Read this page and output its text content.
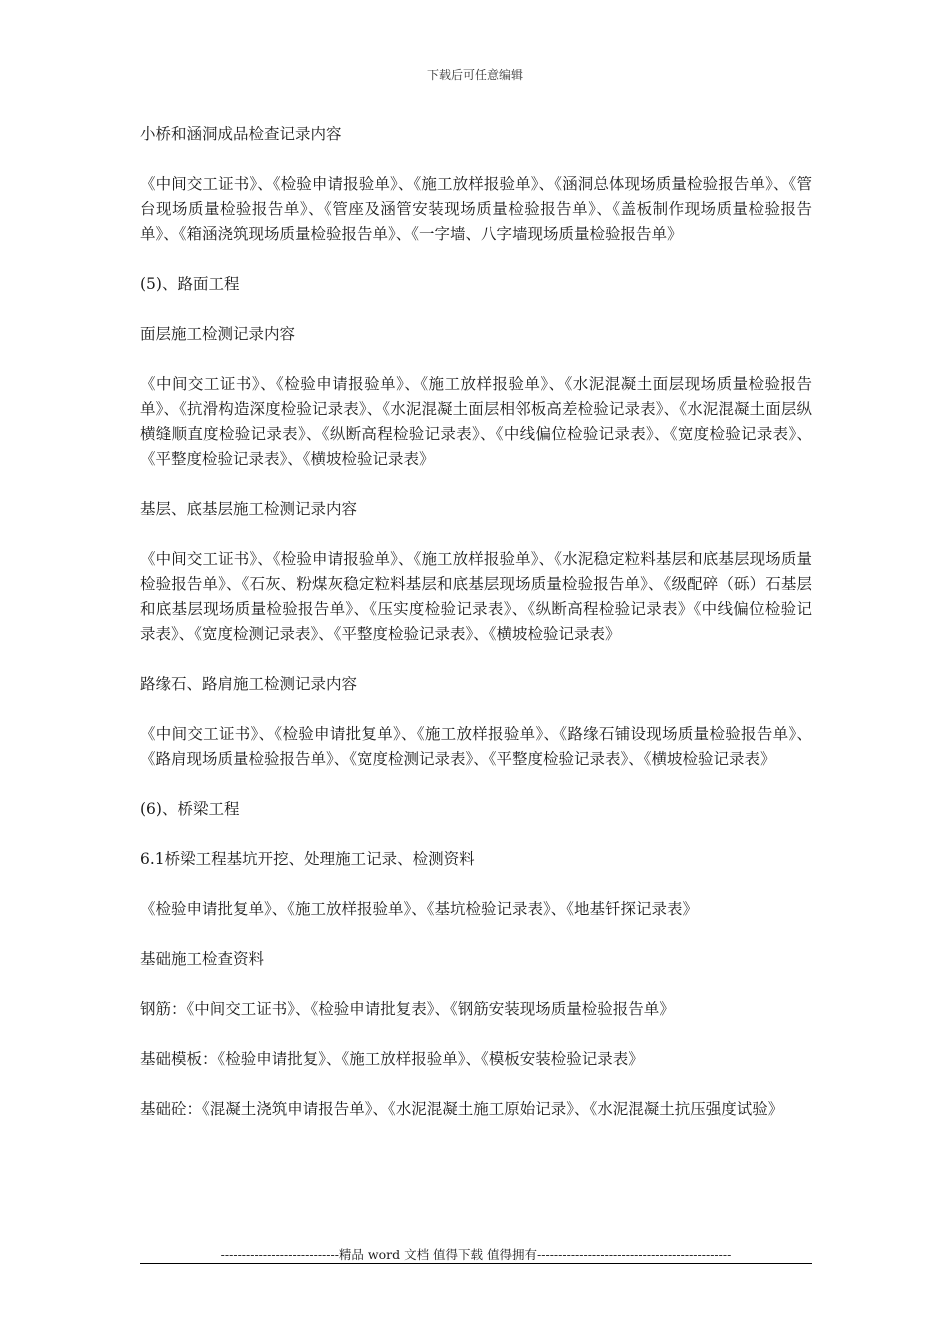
下载后可任意编辑

小桥和涵洞成品检查记录内容

《中间交工证书》、《检验申请报验单》、《施工放样报验单》、《涵洞总体现场质量检验报告单》、《管台现场质量检验报告单》、《管座及涵管安装现场质量检验报告单》、《盖板制作现场质量检验报告单》、《箱涵浇筑现场质量检验报告单》、《一字墙、八字墙现场质量检验报告单》

(5)、路面工程

面层施工检测记录内容

《中间交工证书》、《检验申请报验单》、《施工放样报验单》、《水泥混凝土面层现场质量检验报告单》、《抗滑构造深度检验记录表》、《水泥混凝土面层相邻板高差检验记录表》、《水泥混凝土面层纵横缝顺直度检验记录表》、《纵断高程检验记录表》、《中线偏位检验记录表》、《宽度检验记录表》、《平整度检验记录表》、《横坡检验记录表》

基层、底基层施工检测记录内容

《中间交工证书》、《检验申请报验单》、《施工放样报验单》、《水泥稳定粒料基层和底基层现场质量检验报告单》、《石灰、粉煤灰稳定粒料基层和底基层现场质量检验报告单》、《级配碎（砾）石基层和底基层现场质量检验报告单》、《压实度检验记录表》、《纵断高程检验记录表》《中线偏位检验记录表》、《宽度检测记录表》、《平整度检验记录表》、《横坡检验记录表》

路缘石、路肩施工检测记录内容

《中间交工证书》、《检验申请批复单》、《施工放样报验单》、《路缘石铺设现场质量检验报告单》、《路肩现场质量检验报告单》、《宽度检测记录表》、《平整度检验记录表》、《横坡检验记录表》

(6)、桥梁工程

6.1桥梁工程基坑开挖、处理施工记录、检测资料

《检验申请批复单》、《施工放样报验单》、《基坑检验记录表》、《地基钎探记录表》

基础施工检查资料

钢筋：《中间交工证书》、《检验申请批复表》、《钢筋安装现场质量检验报告单》

基础模板：《检验申请批复》、《施工放样报验单》、《模板安装检验记录表》

基础砼：《混凝土浇筑申请报告单》、《水泥混凝土施工原始记录》、《水泥混凝土抗压强度试验》

----------------------------精品 word 文档 值得下载 值得拥有----------------------------------------------
